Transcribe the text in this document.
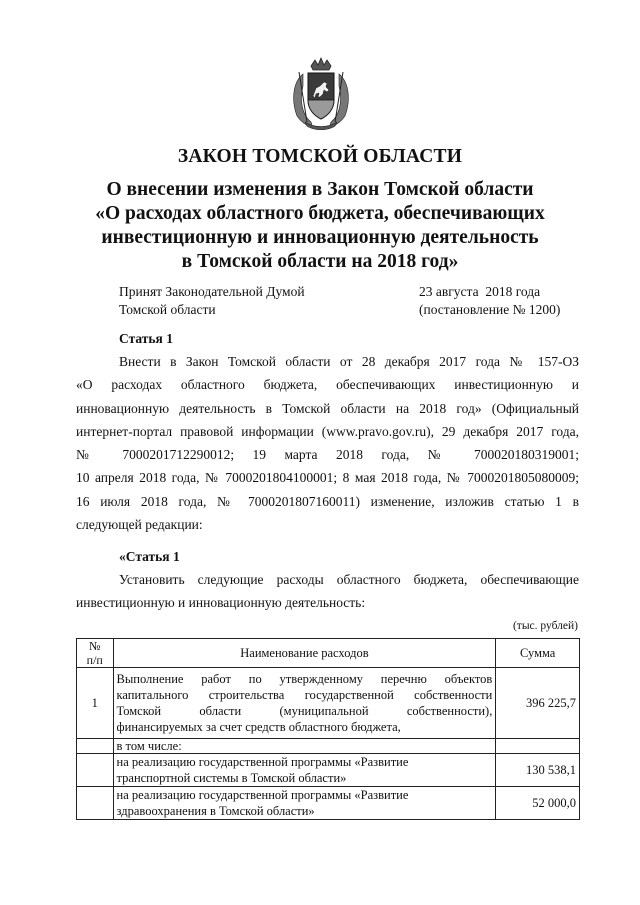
ЗАКОН ТОМСКОЙ ОБЛАСТИ
О внесении изменения в Закон Томской области
«О расходах областного бюджета, обеспечивающих
инвестиционную и инновационную деятельность
в Томской области на 2018 год»
Принят Законодательной Думой
Томской области
23 августа  2018 года
(постановление № 1200)
Статья 1
Внести в Закон Томской области от 28 декабря 2017 года № 157-ОЗ
«О расходах областного бюджета, обеспечивающих инвестиционную и
инновационную деятельность в Томской области на 2018 год» (Официальный
интернет-портал правовой информации (www.pravo.gov.ru), 29 декабря 2017 года,
№ 7000201712290012; 19 марта 2018 года, № 700020180319001;
10 апреля 2018 года, № 7000201804100001; 8 мая 2018 года, № 7000201805080009;
16 июля 2018 года, № 7000201807160011) изменение, изложив статью 1 в
следующей редакции:
«Статья 1
Установить следующие расходы областного бюджета, обеспечивающие
инвестиционную и инновационную деятельность:
(тыс. рублей)
№
п/п	Наименование расходов	Сумма
1	Выполнение работ по утвержденному перечню объектов
капитального строительства государственной собственности
Томской области (муниципальной собственности),
финансируемых за счет средств областного бюджета,	396 225,7
	в том числе:	

	на реализацию государственной программы «Развитие
транспортной системы в Томской области»	130 538,1

	на реализацию государственной программы «Развитие
здравоохранения в Томской области»	52 000,0
